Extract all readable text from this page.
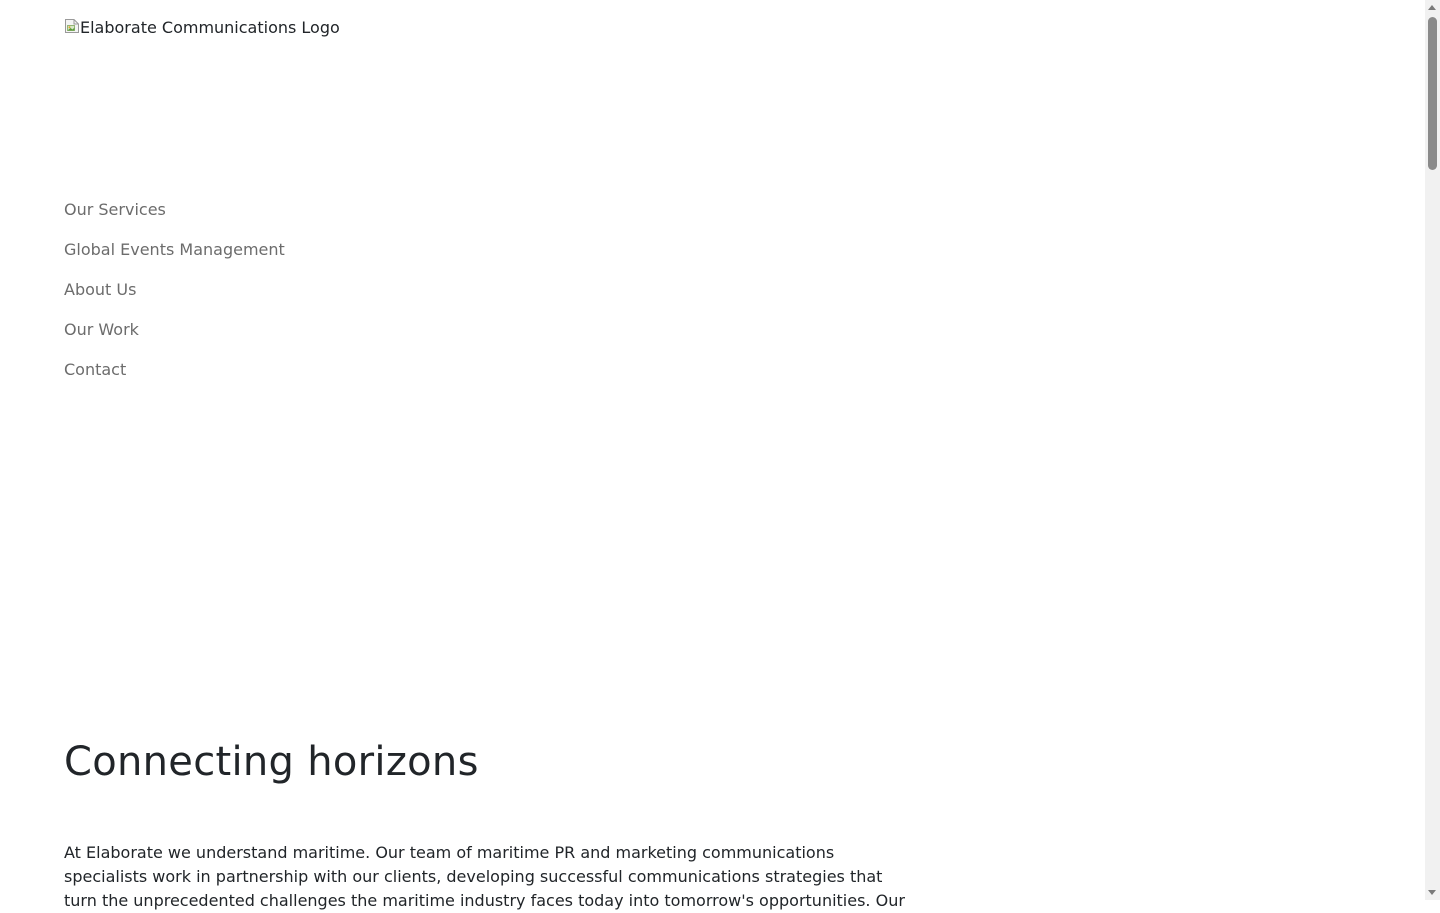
Elaborate Communications Logo
Our Services
Global Events Management
About Us
Our Work
Contact
Connecting horizons

At Elaborate we understand maritime. Our team of maritime PR and marketing communications specialists work in partnership with our clients, developing successful communications strategies that turn the unprecedented challenges the maritime industry faces today into tomorrow's opportunities. Our
